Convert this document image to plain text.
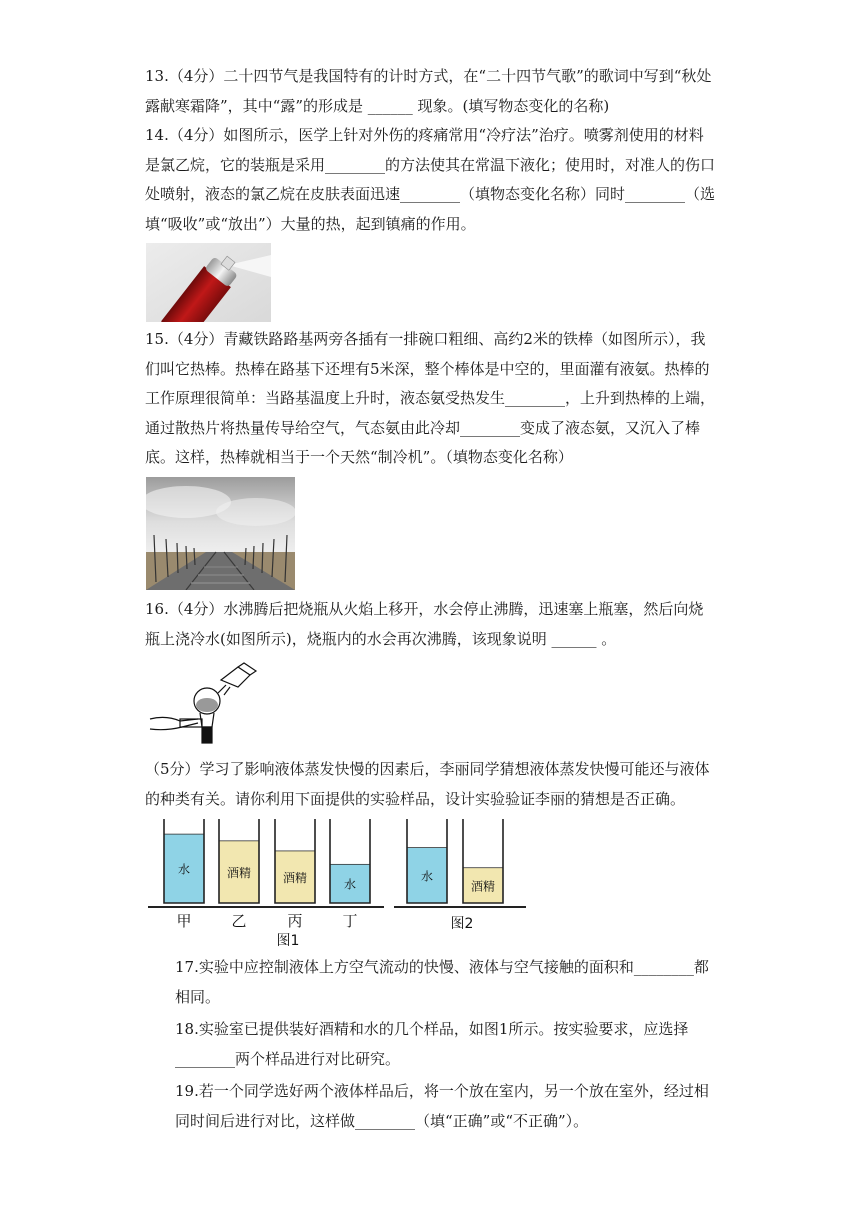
13.（4分）二十四节气是我国特有的计时方式，在“二十四节气歌”的歌词中写到“秋处露献寒霜降”，其中“露”的形成是 ______ 现象。(填写物态变化的名称)

14.（4分）如图所示，医学上针对外伤的疼痛常用“冷疗法”治疗。喷雾剂使用的材料是氯乙烷，它的装瓶是采用________的方法使其在常温下液化；使用时，对准人的伤口处喷射，液态的氯乙烷在皮肤表面迅速________（填物态变化名称）同时________（选填“吸收”或“放出”）大量的热，起到镇痛的作用。

15.（4分）青藏铁路路基两旁各插有一排碗口粗细、高约2米的铁棒（如图所示），我们叫它热棒。热棒在路基下还埋有5米深，整个棒体是中空的，里面灌有液氨。热棒的工作原理很简单：当路基温度上升时，液态氨受热发生________，上升到热棒的上端，通过散热片将热量传导给空气，气态氨由此冷却________变成了液态氨，又沉入了棒底。这样，热棒就相当于一个天然“制冷机”。（填物态变化名称）

16.（4分）水沸腾后把烧瓶从火焰上移开，水会停止沸腾，迅速塞上瓶塞，然后向烧瓶上浇冷水(如图所示)，烧瓶内的水会再次沸腾，该现象说明 ______ 。

（5分）学习了影响液体蒸发快慢的因素后，李丽同学猜想液体蒸发快慢可能还与液体的种类有关。请你利用下面提供的实验样品，设计实验验证李丽的猜想是否正确。

水
甲
酒精
乙
酒精
丙
水
丁
图1
水
酒精
图2

17.实验中应控制液体上方空气流动的快慢、液体与空气接触的面积和________都相同。

18.实验室已提供装好酒精和水的几个样品，如图1所示。按实验要求，应选择________两个样品进行对比研究。

19.若一个同学选好两个液体样品后，将一个放在室内，另一个放在室外，经过相同时间后进行对比，这样做________（填“正确”或“不正确”）。
